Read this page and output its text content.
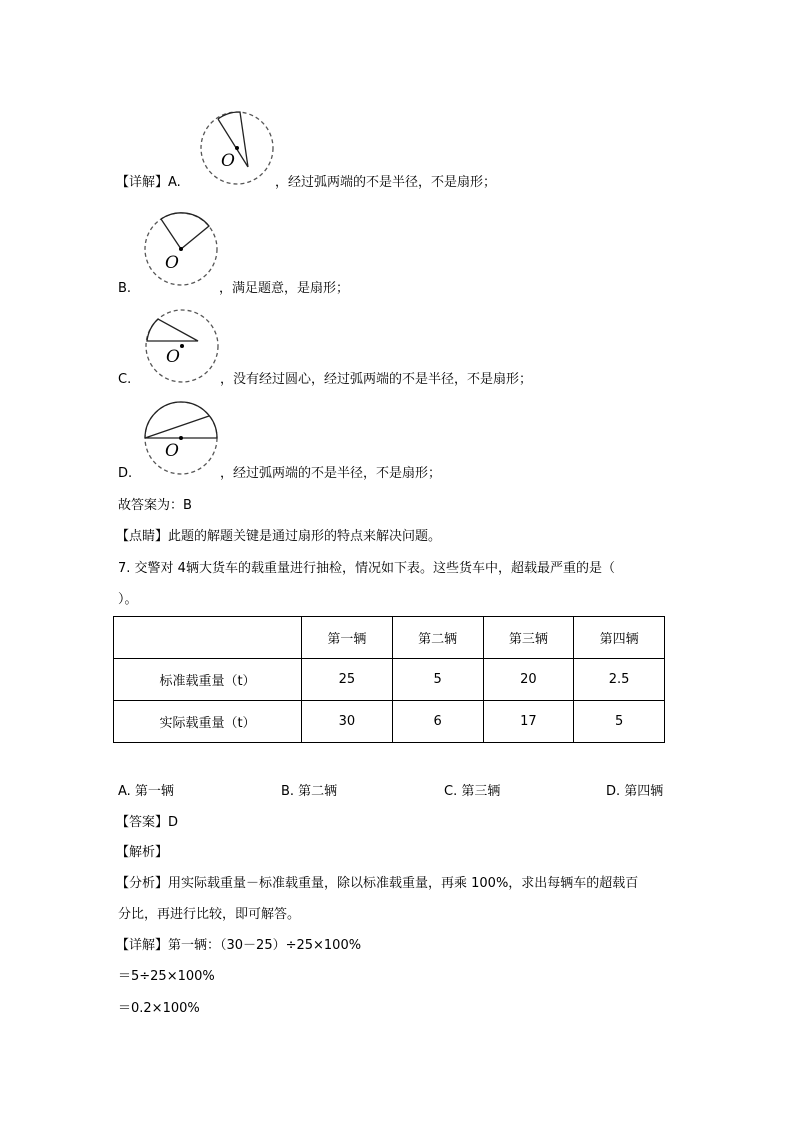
O
O
O
O
【详解】A.	，经过弧两端的不是半径，不是扇形；
B.	，满足题意，是扇形；
C.	，没有经过圆心，经过弧两端的不是半径，不是扇形；
D.	，经过弧两端的不是半径，不是扇形；
故答案为：B
【点睛】此题的解题关键是通过扇形的特点来解决问题。
7. 交警对 4辆大货车的载重量进行抽检，情况如下表。这些货车中，超载最严重的是（
）。
	第一辆	第二辆	第三辆	第四辆
标准载重量（t）	25	5	20	2.5
实际载重量（t）	30	6	17	5
A. 第一辆	B. 第二辆	C. 第三辆	D. 第四辆
【答案】D
【解析】
【分析】用实际载重量－标准载重量，除以标准载重量，再乘 100%，求出每辆车的超载百
分比，再进行比较，即可解答。
【详解】第一辆：（30－25）÷25×100%
＝5÷25×100%
＝0.2×100%
